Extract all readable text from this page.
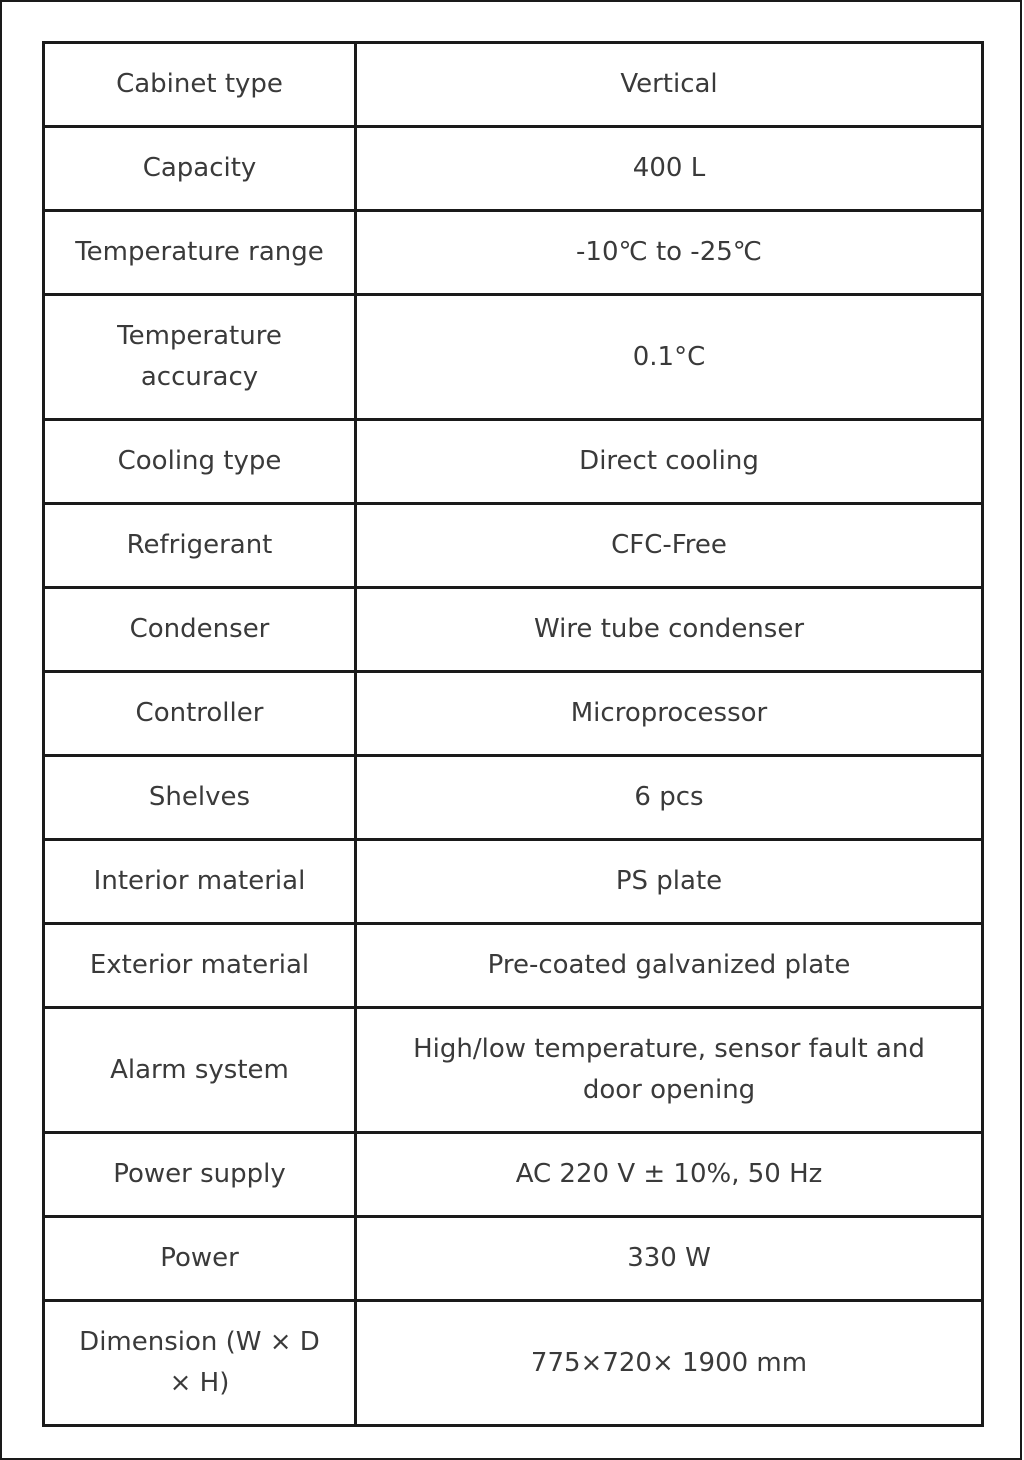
Cabinet type	Vertical
Capacity	400 L
Temperature range	-10℃ to -25℃
Temperature accuracy	0.1°C
Cooling type	Direct cooling
Refrigerant	CFC-Free
Condenser	Wire tube condenser
Controller	Microprocessor
Shelves	6 pcs
Interior material	PS plate
Exterior material	Pre-coated galvanized plate
Alarm system	High/low temperature, sensor fault and door opening
Power supply	AC 220 V ± 10%, 50 Hz
Power	330 W
Dimension (W × D × H)	775×720× 1900 mm
